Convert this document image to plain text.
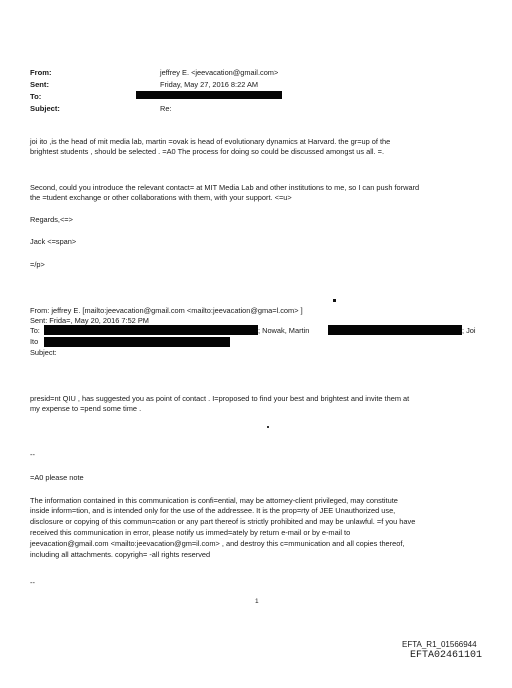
From:
Sent:
To:
Subject:
jeffrey E. <jeevacation@gmail.com>
Friday, May 27, 2016 8:22 AM
Re:
joi ito ,is the head of mit media lab, martin =ovak is head of evolutionary dynamics at Harvard. the gr=up of the
brightest students , should be selected . =A0 The process for doing so could be discussed amongst us all. =.
Second, could you introduce the relevant contact= at MIT Media Lab and other institutions to me, so I can push forward
the =tudent exchange or other collaborations with them, with your support. <=u>
Regards,<=>
Jack <=span>
=/p>
From: jeffrey E. [mailto:jeevacation@gmail.com <mailto:jeevacation@gma=l.com> ]
Sent: Frida=, May 20, 2016 7:52 PM
To:	; Nowak, Martin	; Joi
Ito
Subject:
presid=nt QIU , has suggested you as point of contact . I=proposed to find your best and brightest and invite them at
my expense to =pend some time .
--
=A0 please note
The information contained in this communication is confi=ential, may be attorney-client privileged, may constitute
inside inform=tion, and is intended only for the use of the addressee. It is the prop=rty of JEE Unauthorized use,
disclosure or copying of this commun=cation or any part thereof is strictly prohibited and may be unlawful. =f you have
received this communication in error, please notify us immed=ately by return e-mail or by e-mail to
jeevacation@gmail.com <mailto:jeevacation@gm=il.com> , and destroy this c=mmunication and all copies thereof,
including all attachments. copyrigh= -all rights reserved
--
1
EFTA_R1_01566944
EFTA02461101
